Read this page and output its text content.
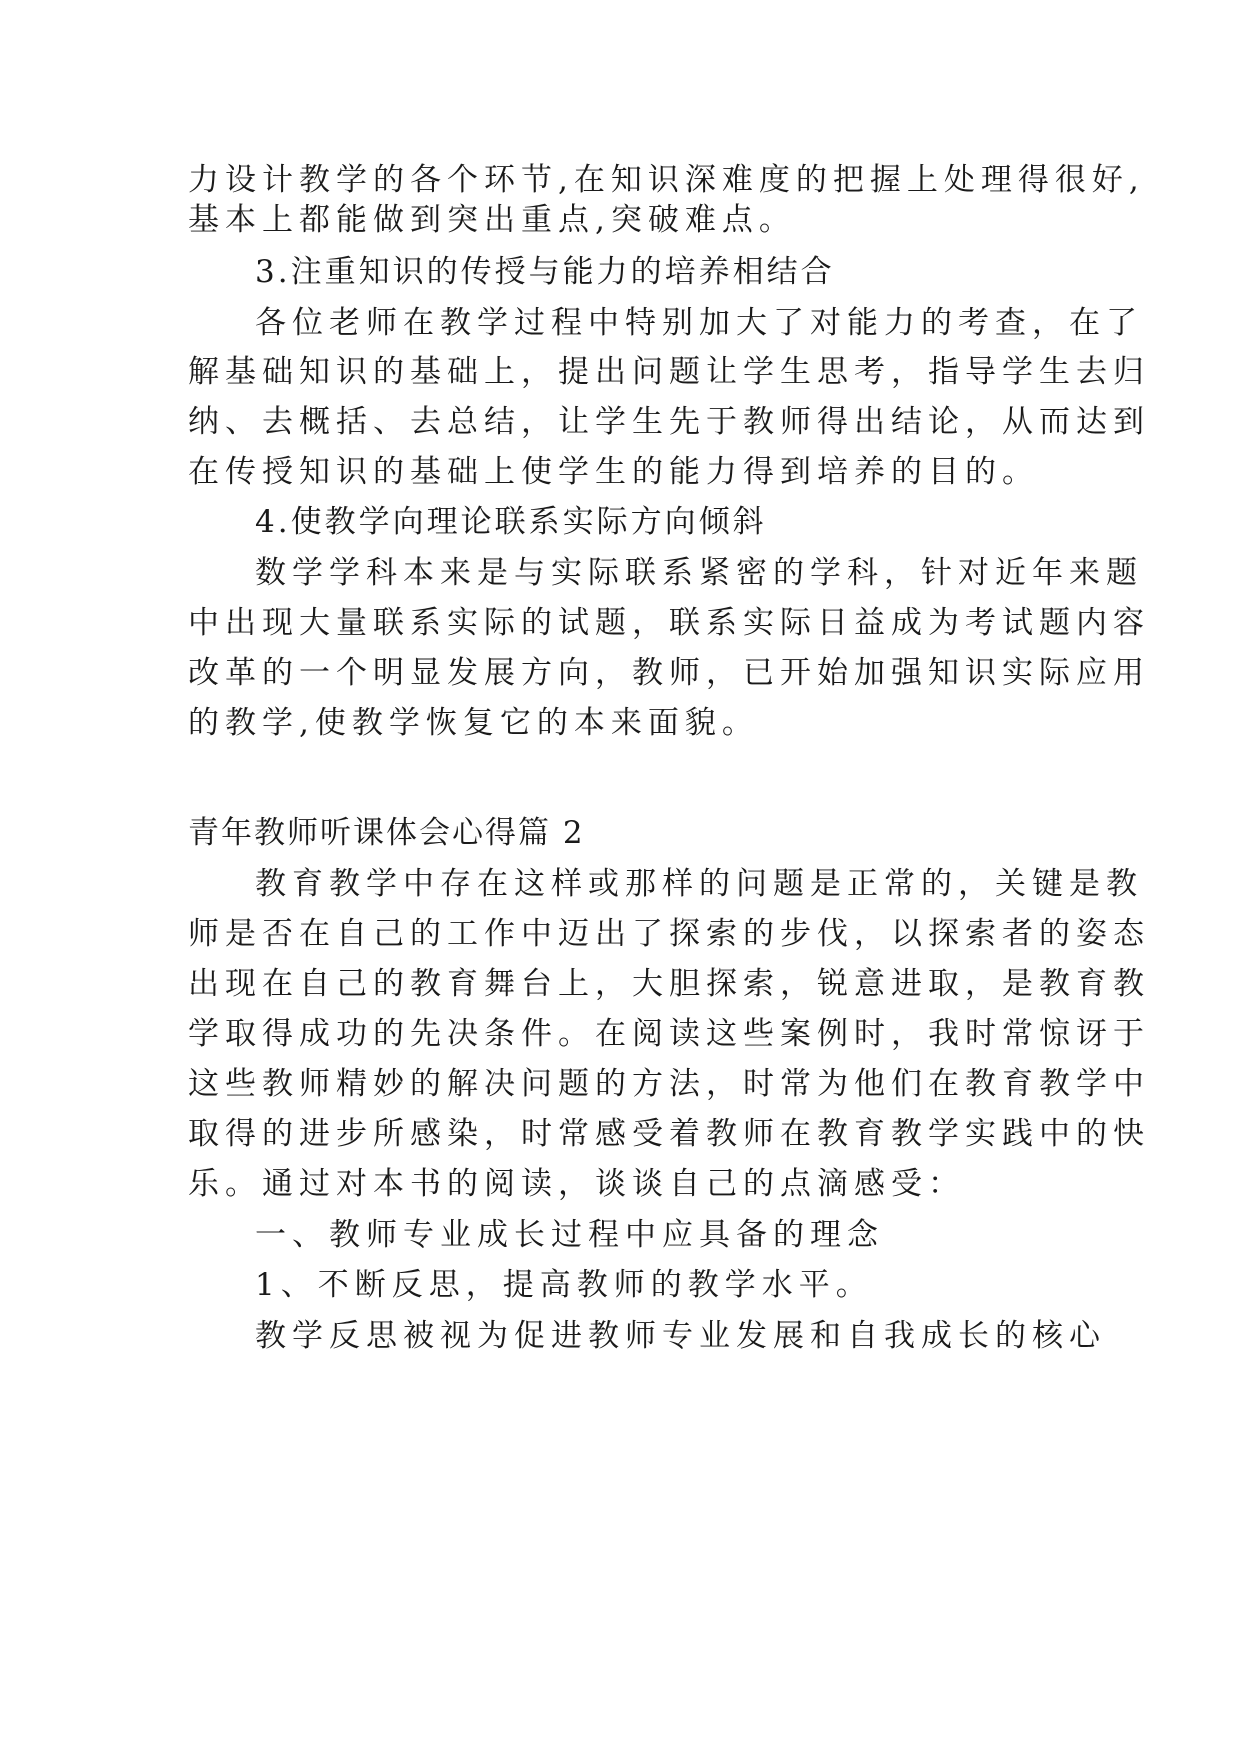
力设计教学的各个环节,在知识深难度的把握上处理得很好,
基本上都能做到突出重点,突破难点。
3.注重知识的传授与能力的培养相结合
各位老师在教学过程中特别加大了对能力的考查，在了
解基础知识的基础上，提出问题让学生思考，指导学生去归
纳、去概括、去总结，让学生先于教师得出结论，从而达到
在传授知识的基础上使学生的能力得到培养的目的。
4.使教学向理论联系实际方向倾斜
数学学科本来是与实际联系紧密的学科，针对近年来题
中出现大量联系实际的试题，联系实际日益成为考试题内容
改革的一个明显发展方向，教师，已开始加强知识实际应用
的教学,使教学恢复它的本来面貌。
青年教师听课体会心得篇 2
教育教学中存在这样或那样的问题是正常的，关键是教
师是否在自己的工作中迈出了探索的步伐，以探索者的姿态
出现在自己的教育舞台上，大胆探索，锐意进取，是教育教
学取得成功的先决条件。在阅读这些案例时，我时常惊讶于
这些教师精妙的解决问题的方法，时常为他们在教育教学中
取得的进步所感染，时常感受着教师在教育教学实践中的快
乐。通过对本书的阅读，谈谈自己的点滴感受：
一、教师专业成长过程中应具备的理念
1、不断反思，提高教师的教学水平。
教学反思被视为促进教师专业发展和自我成长的核心
